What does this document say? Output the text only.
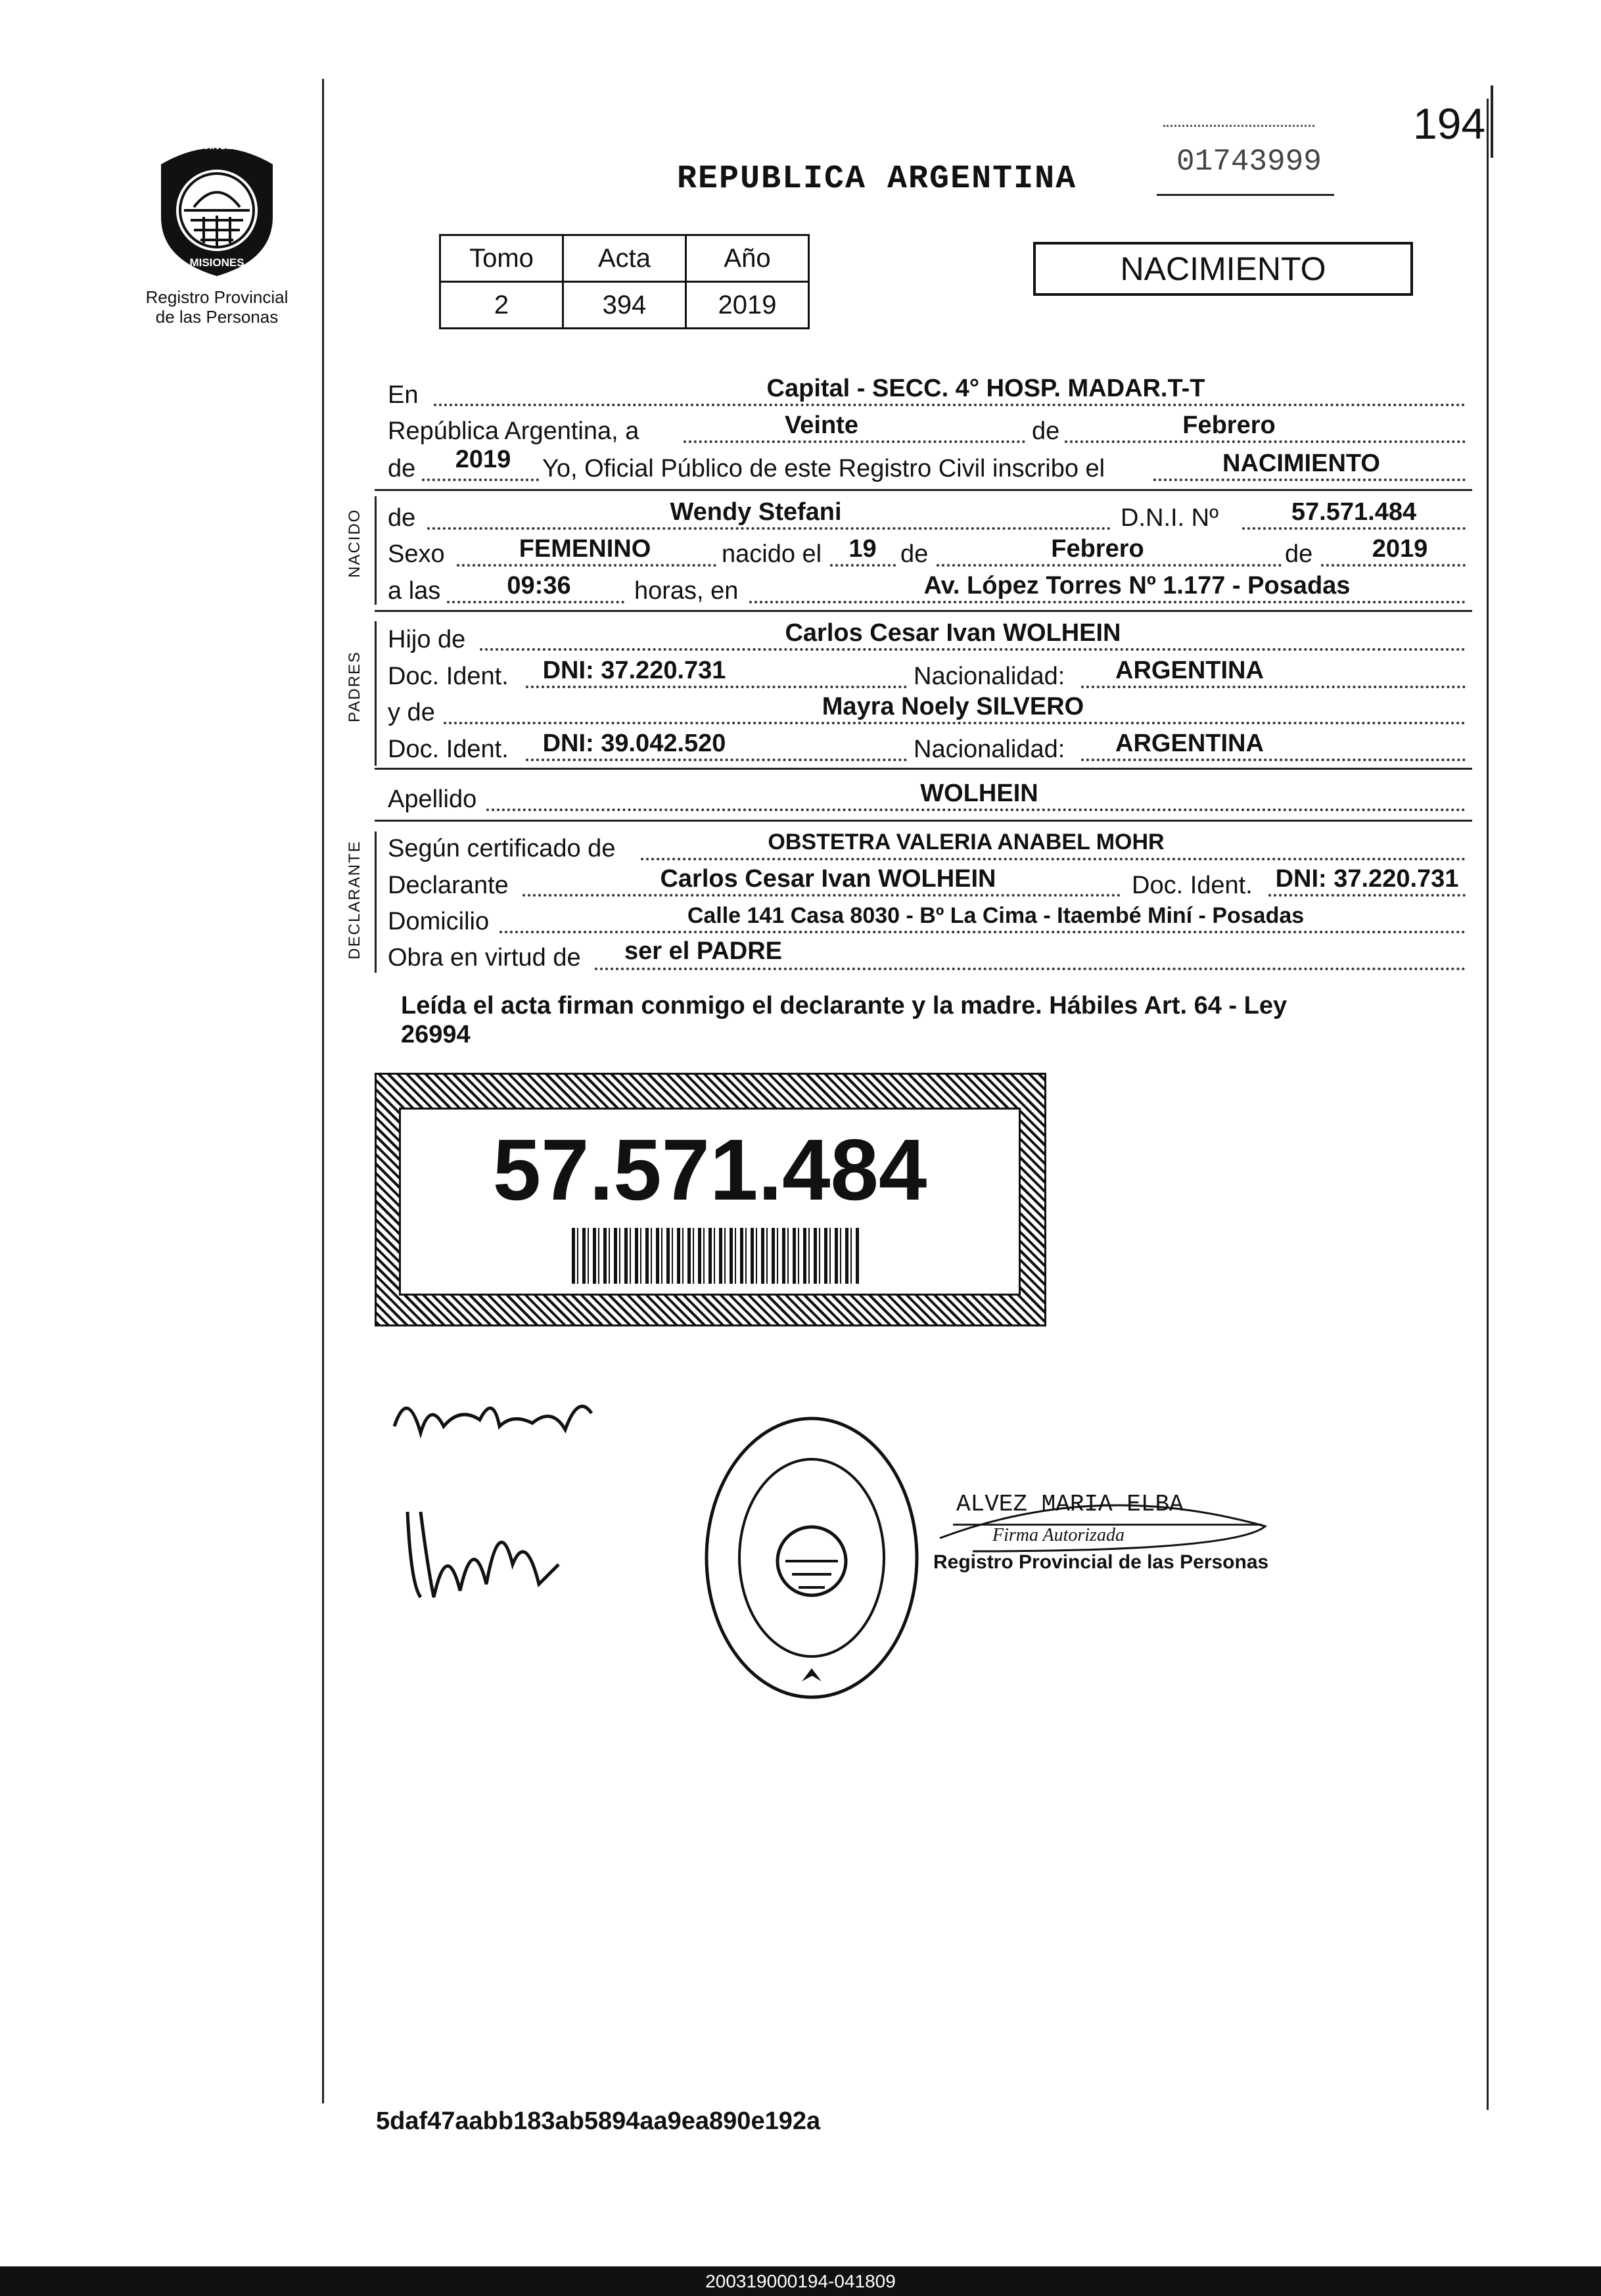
194
PROVINCIA DE
MISIONES
Registro Provincial
de las Personas
REPUBLICA ARGENTINA	01743999
Tomo	Acta	Año
2	394	2019
NACIMIENTO
En	Capital - SECC. 4° HOSP. MADAR.T-T
República Argentina, a	Veinte	de	Febrero
de	2019	Yo, Oficial Público de este Registro Civil inscribo el	NACIMIENTO
NACIDO de	Wendy Stefani	D.N.I. Nº	57.571.484
Sexo	FEMENINO	nacido el	19 de	Febrero	de	2019
a las	09:36	horas, en	Av. López Torres Nº 1.177 - Posadas
PADRES
Hijo de	Carlos Cesar Ivan WOLHEIN
Doc. Ident.	DNI: 37.220.731	Nacionalidad:	ARGENTINA
y de	Mayra Noely SILVERO
Doc. Ident.	DNI: 39.042.520	Nacionalidad:	ARGENTINA
Apellido	WOLHEIN
DECLARANTE Según certificado de	OBSTETRA VALERIA ANABEL MOHR
Declarante	Carlos Cesar Ivan WOLHEIN	Doc. Ident. DNI: 37.220.731
Domicilio	Calle 141 Casa 8030 - Bº La Cima - Itaembé Miní - Posadas
Obra en virtud de	ser el PADRE
Leída el acta firman conmigo el declarante y la madre. Hábiles Art. 64 - Ley
26994
57.571.484
ALVEZ MARIA ELBA
Firma Autorizada
Registro Provincial de las Personas
5daf47aabb183ab5894aa9ea890e192a
200319000194-041809
